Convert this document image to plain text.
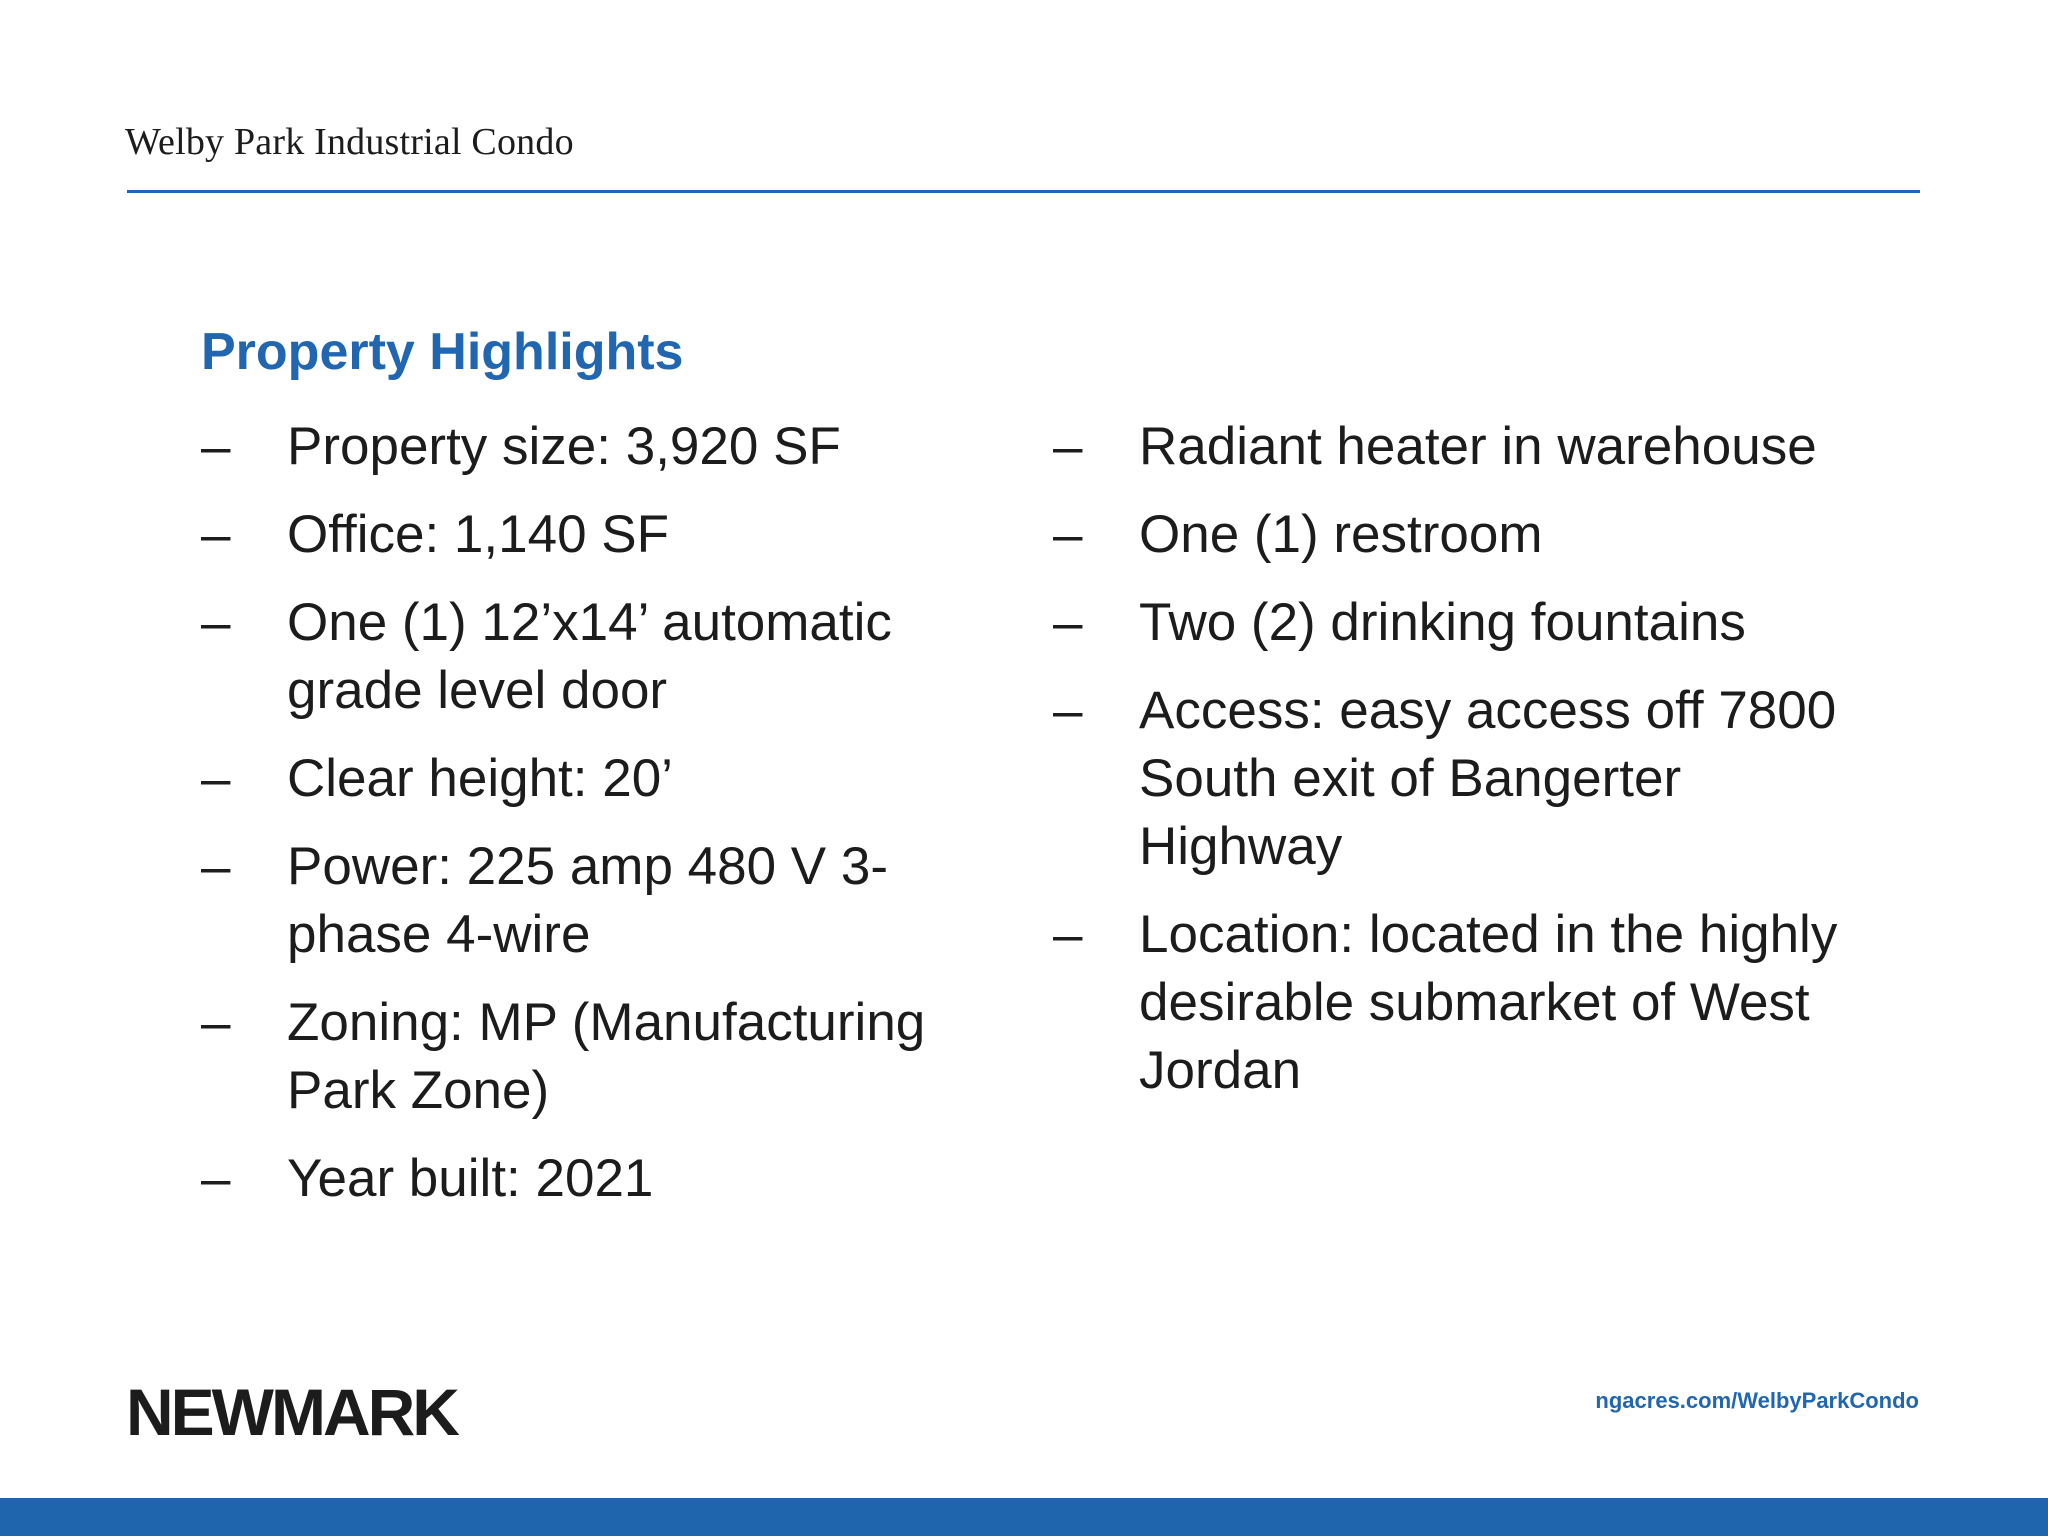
Welby Park Industrial Condo
Property Highlights
– Property size: 3,920 SF
– Office: 1,140 SF
– One (1) 12’x14’ automatic grade level door
– Clear height: 20’
– Power: 225 amp 480 V 3-phase 4-wire
– Zoning: MP (Manufacturing Park Zone)
– Year built: 2021
– Radiant heater in warehouse
– One (1) restroom
– Two (2) drinking fountains
– Access: easy access off 7800 South exit of Bangerter Highway
– Location: located in the highly desirable submarket of West Jordan
NEWMARK	ngacres.com/WelbyParkCondo
